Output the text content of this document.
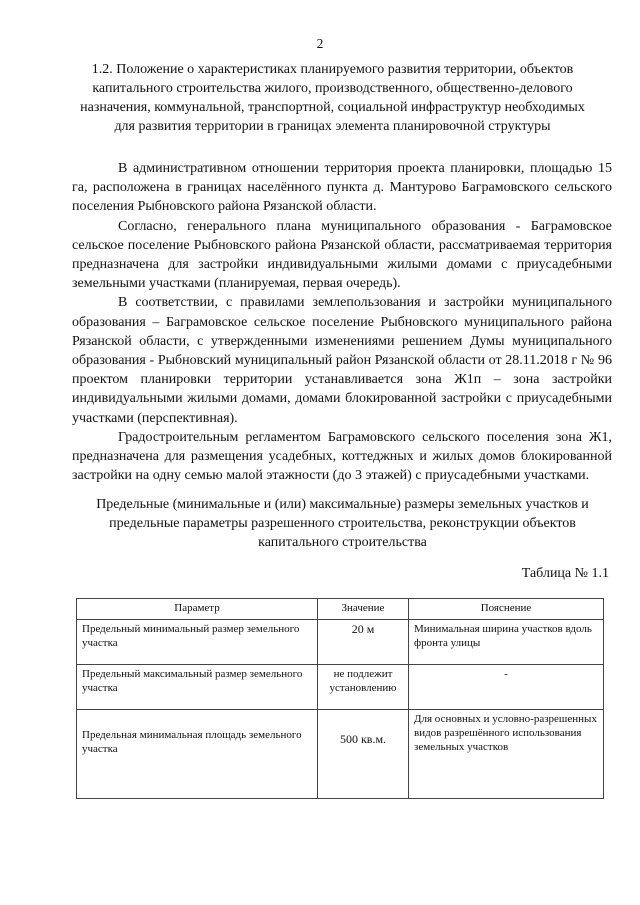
2
1.2. Положение о характеристиках планируемого развития территории, объектов капитального строительства жилого, производственного, общественно-делового назначения, коммунальной, транспортной, социальной инфраструктур необходимых для развития территории в границах элемента планировочной структуры

В административном отношении территория проекта планировки, площадью 15 га, расположена в границах населённого пункта д. Мантурово Баграмовского сельского поселения Рыбновского района Рязанской области.

Согласно, генерального плана муниципального образования - Баграмовское сельское поселение Рыбновского района Рязанской области, рассматриваемая территория предназначена для застройки индивидуальными жилыми домами с приусадебными земельными участками (планируемая, первая очередь).

В соответствии, с правилами землепользования и застройки муниципального образования – Баграмовское сельское поселение Рыбновского муниципального района Рязанской области, с утвержденными изменениями решением Думы муниципального образования - Рыбновский муниципальный район Рязанской области от 28.11.2018 г № 96 проектом планировки территории устанавливается зона Ж1п – зона застройки индивидуальными жилыми домами, домами блокированной застройки с приусадебными участками (перспективная).

Градостроительным регламентом Баграмовского сельского поселения зона Ж1, предназначена для размещения усадебных, коттеджных и жилых домов блокированной застройки на одну семью малой этажности (до 3 этажей) с приусадебными участками.

Предельные (минимальные и (или) максимальные) размеры земельных участков и предельные параметры разрешенного строительства, реконструкции объектов капитального строительства
Таблица № 1.1
Параметр	Значение	Пояснение
Предельный минимальный размер земельного участка	20 м	Минимальная ширина участков вдоль фронта улицы
Предельный максимальный размер земельного участка	не подлежит установлению	-
Предельная минимальная площадь земельного участка	500 кв.м.	Для основных и условно-разрешенных видов разрешённого использования земельных участков
